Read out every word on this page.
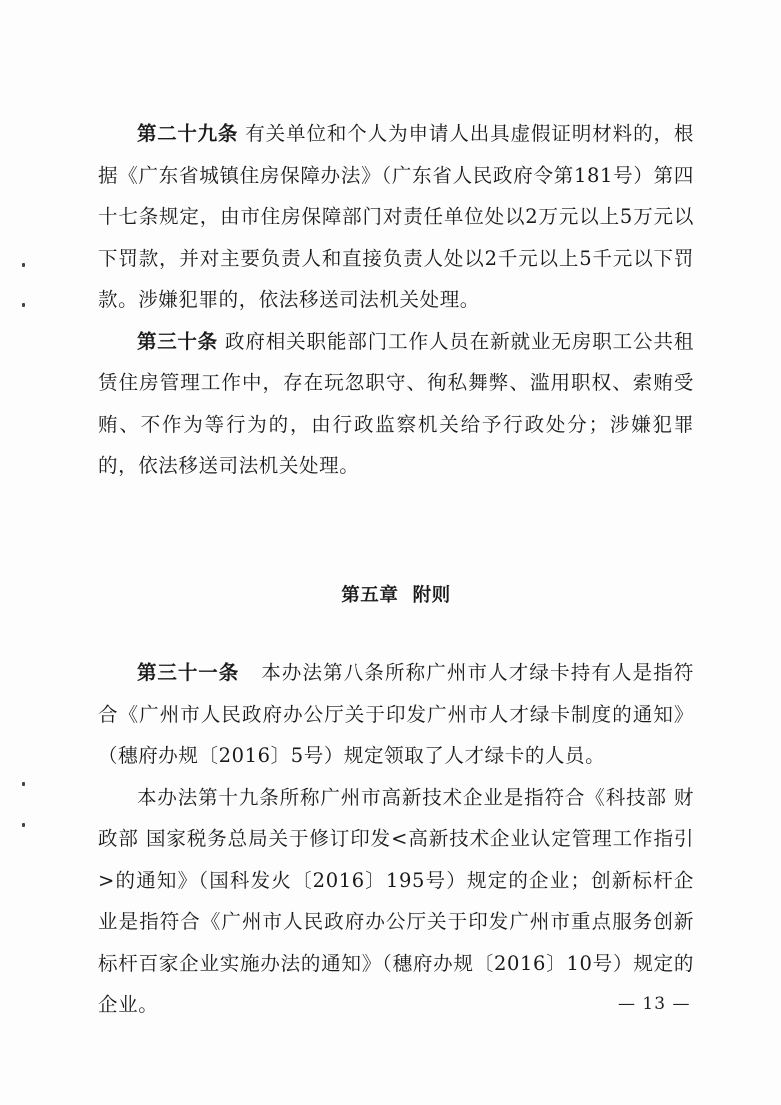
第二十九条 有关单位和个人为申请人出具虚假证明材料的，根据《广东省城镇住房保障办法》（广东省人民政府令第181号）第四十七条规定，由市住房保障部门对责任单位处以2万元以上5万元以下罚款，并对主要负责人和直接负责人处以2千元以上5千元以下罚款。涉嫌犯罪的，依法移送司法机关处理。

第三十条 政府相关职能部门工作人员在新就业无房职工公共租赁住房管理工作中，存在玩忽职守、徇私舞弊、滥用职权、索贿受贿、不作为等行为的，由行政监察机关给予行政处分；涉嫌犯罪的，依法移送司法机关处理。

第五章  附则

第三十一条 本办法第八条所称广州市人才绿卡持有人是指符合《广州市人民政府办公厅关于印发广州市人才绿卡制度的通知》（穗府办规〔2016〕5号）规定领取了人才绿卡的人员。

本办法第十九条所称广州市高新技术企业是指符合《科技部 财政部 国家税务总局关于修订印发<高新技术企业认定管理工作指引>的通知》（国科发火〔2016〕195号）规定的企业；创新标杆企业是指符合《广州市人民政府办公厅关于印发广州市重点服务创新标杆百家企业实施办法的通知》（穗府办规〔2016〕10号）规定的企业。	— 13 —
